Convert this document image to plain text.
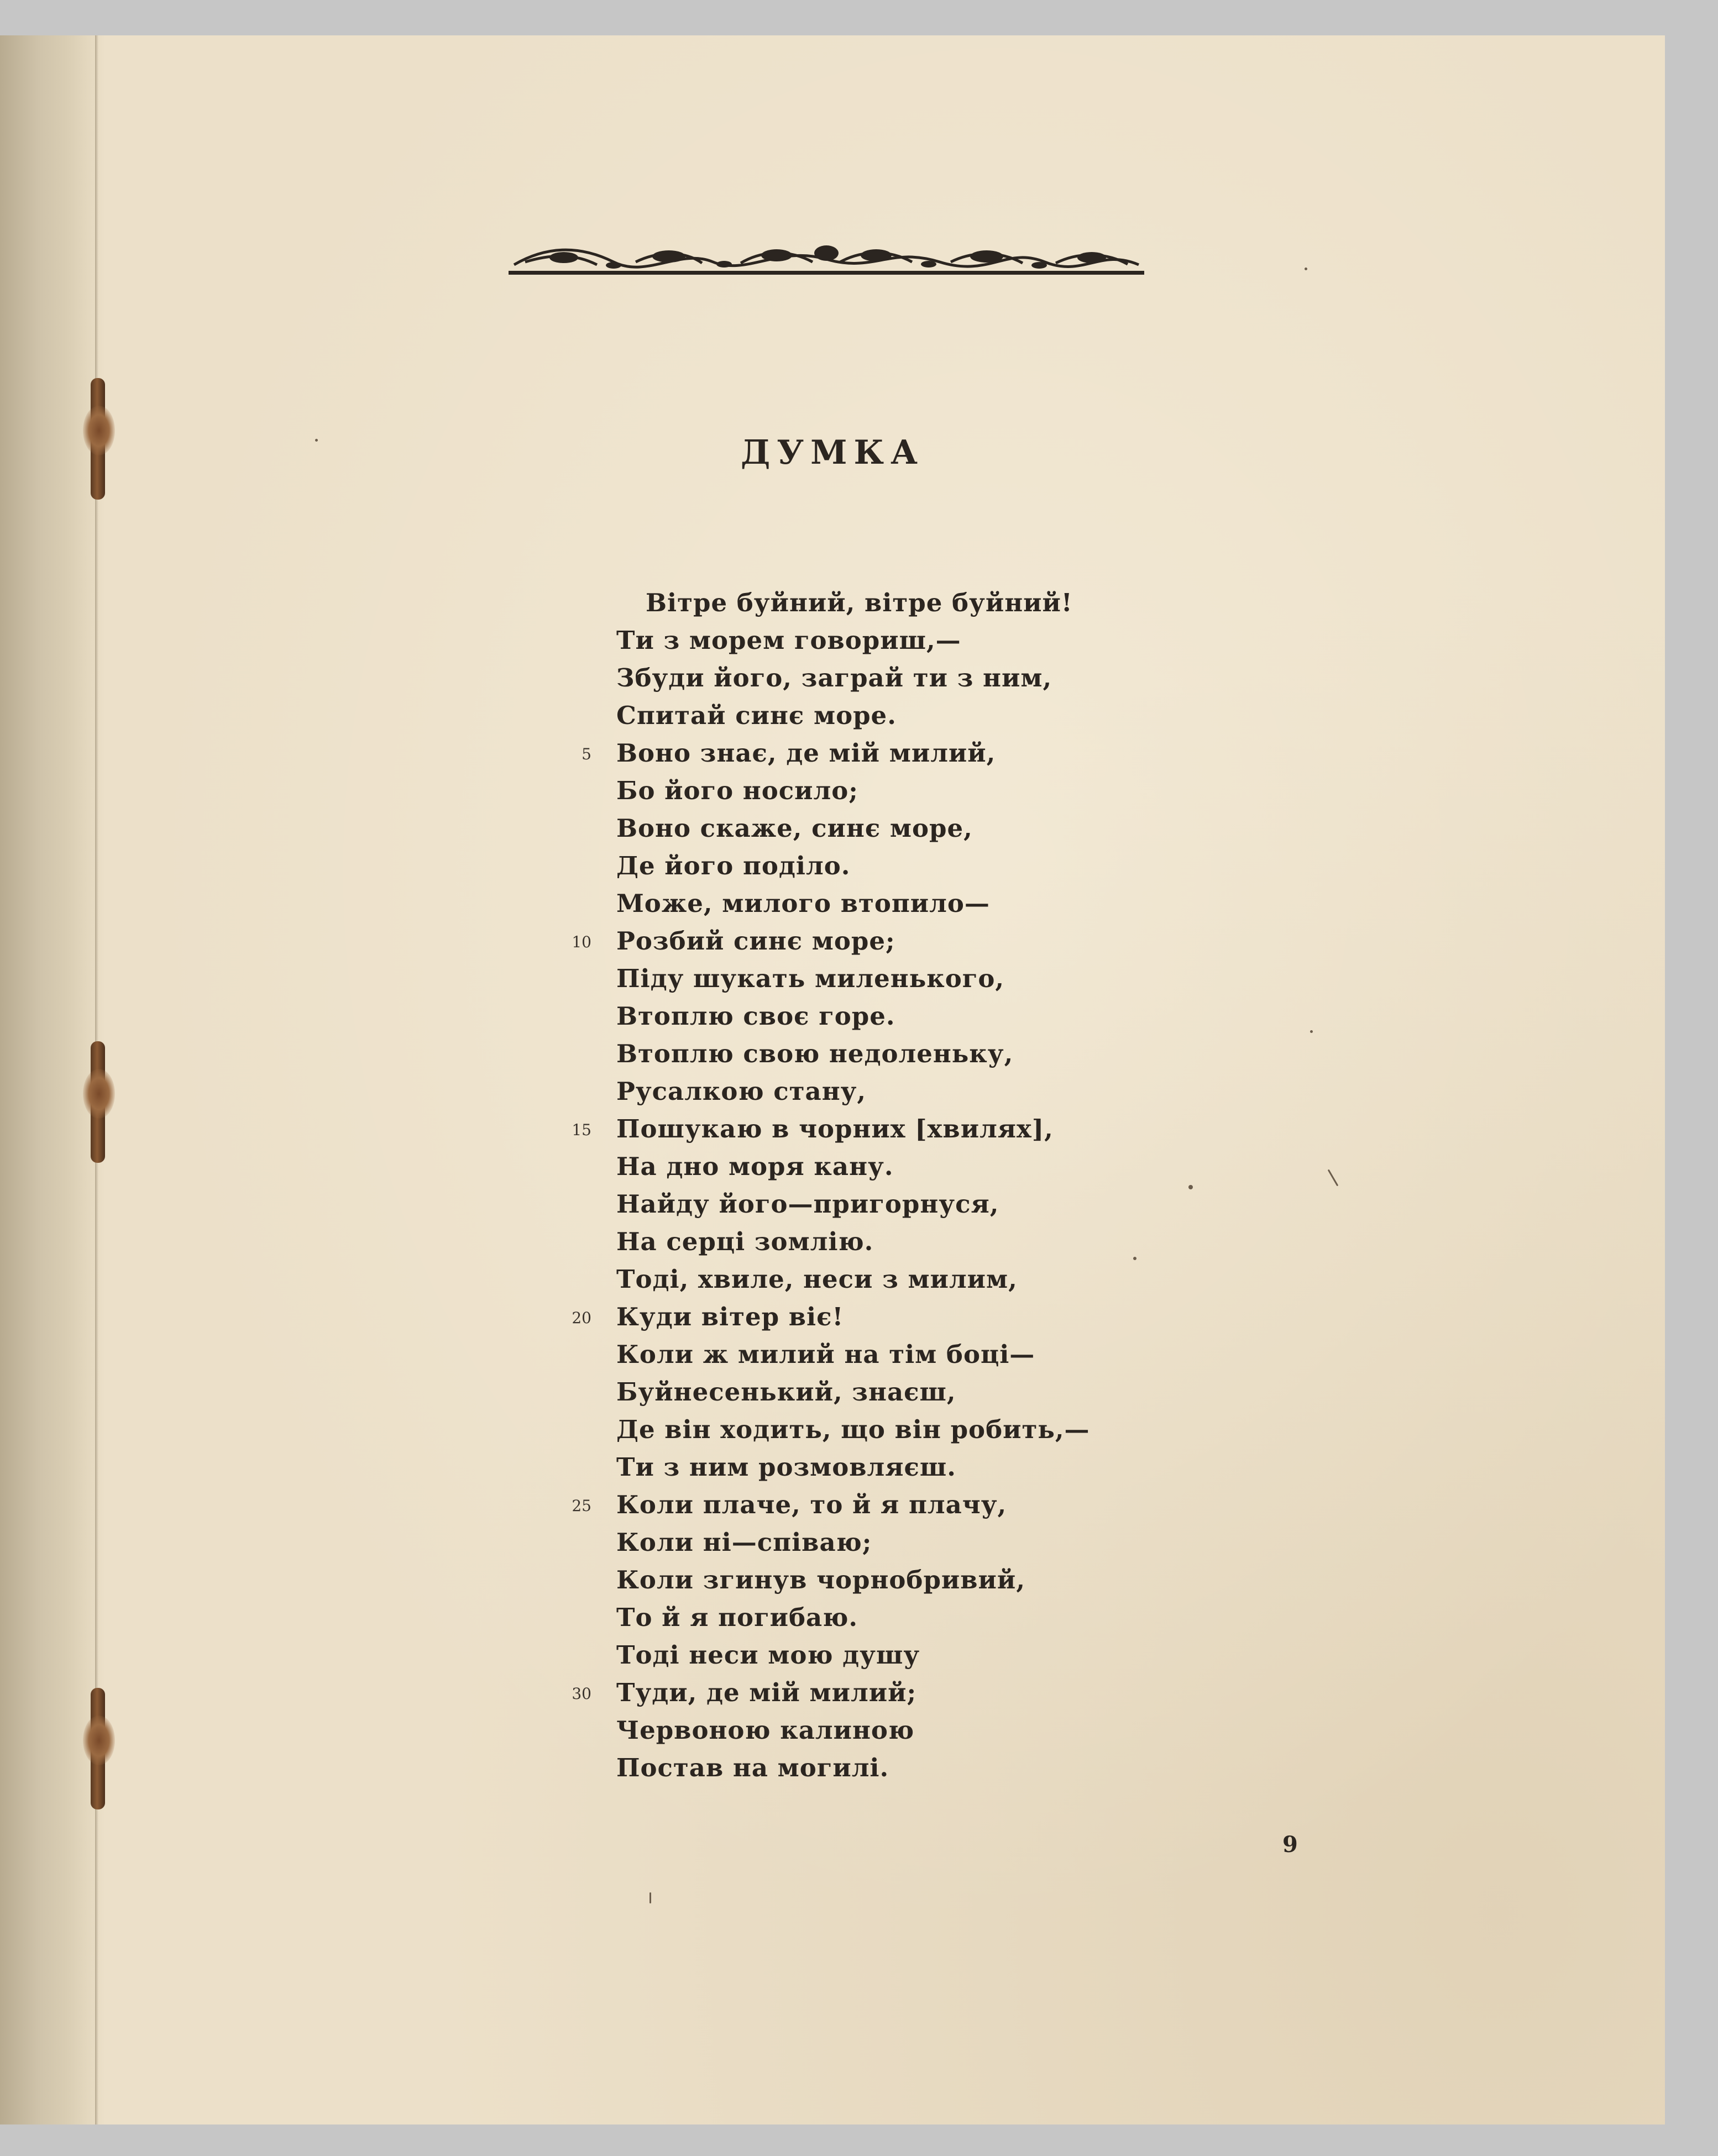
ДУМКА
Вітре буйний, вітре буйний!
Ти з морем говориш,—
Збуди його, заграй ти з ним,
Спитай синє море.
Воно знає, де мій милий,
Бо його носило;
Воно скаже, синє море,
Де його поділо.
Може, милого втопило—
Розбий синє море;
Піду шукать миленького,
Втоплю своє горе.
Втоплю свою недоленьку,
Русалкою стану,
Пошукаю в чорних [хвилях],
На дно моря кану.
Найду його—пригорнуся,
На серці зомлію.
Тоді, хвиле, неси з милим,
Куди вітер віє!
Коли ж милий на тім боці—
Буйнесенький, знаєш,
Де він ходить, що він робить,—
Ти з ним розмовляєш.
Коли плаче, то й я плачу,
Коли ні—співаю;
Коли згинув чорнобривий,
То й я погибаю.
Тоді неси мою душу
Туди, де мій милий;
Червоною калиною
Постав на могилі.
5
10
15
20
25
30
9
